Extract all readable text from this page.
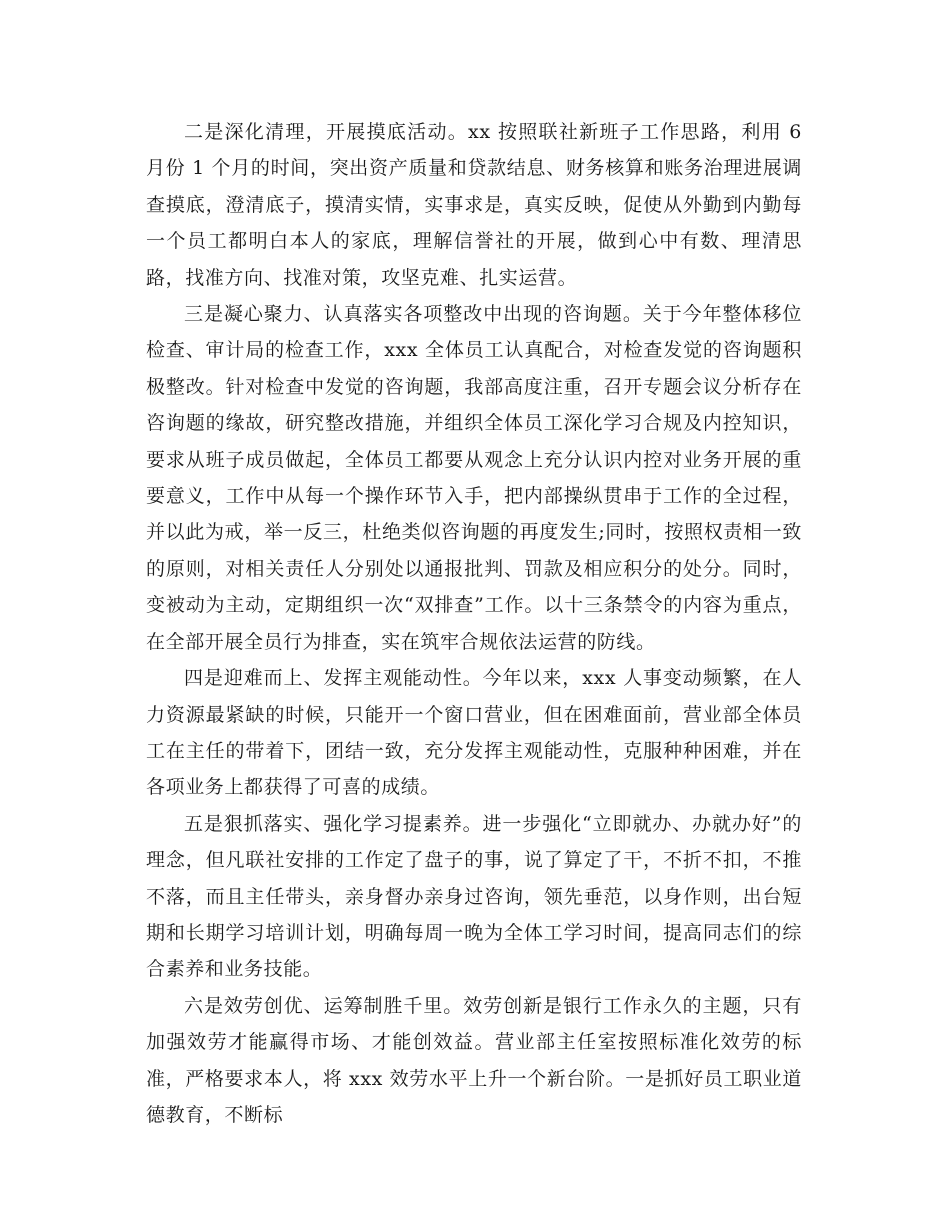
二是深化清理，开展摸底活动。xx 按照联社新班子工作思路，利用 6 月份 1 个月的时间，突出资产质量和贷款结息、财务核算和账务治理进展调查摸底，澄清底子，摸清实情，实事求是，真实反映，促使从外勤到内勤每一个员工都明白本人的家底，理解信誉社的开展，做到心中有数、理清思路，找准方向、找准对策，攻坚克难、扎实运营。

三是凝心聚力、认真落实各项整改中出现的咨询题。关于今年整体移位检查、审计局的检查工作，xxx 全体员工认真配合，对检查发觉的咨询题积极整改。针对检查中发觉的咨询题，我部高度注重，召开专题会议分析存在咨询题的缘故，研究整改措施，并组织全体员工深化学习合规及内控知识，要求从班子成员做起，全体员工都要从观念上充分认识内控对业务开展的重要意义，工作中从每一个操作环节入手，把内部操纵贯串于工作的全过程，并以此为戒，举一反三，杜绝类似咨询题的再度发生;同时，按照权责相一致的原则，对相关责任人分别处以通报批判、罚款及相应积分的处分。同时，变被动为主动，定期组织一次“双排查”工作。以十三条禁令的内容为重点，在全部开展全员行为排查，实在筑牢合规依法运营的防线。

四是迎难而上、发挥主观能动性。今年以来，xxx 人事变动频繁，在人力资源最紧缺的时候，只能开一个窗口营业，但在困难面前，营业部全体员工在主任的带着下，团结一致，充分发挥主观能动性，克服种种困难，并在各项业务上都获得了可喜的成绩。

五是狠抓落实、强化学习提素养。进一步强化“立即就办、办就办好”的理念，但凡联社安排的工作定了盘子的事，说了算定了干，不折不扣，不推不落，而且主任带头，亲身督办亲身过咨询，领先垂范，以身作则，出台短期和长期学习培训计划，明确每周一晚为全体工学习时间，提高同志们的综合素养和业务技能。

六是效劳创优、运筹制胜千里。效劳创新是银行工作永久的主题，只有加强效劳才能赢得市场、才能创效益。营业部主任室按照标准化效劳的标准，严格要求本人，将 xxx 效劳水平上升一个新台阶。一是抓好员工职业道德教育，不断标
